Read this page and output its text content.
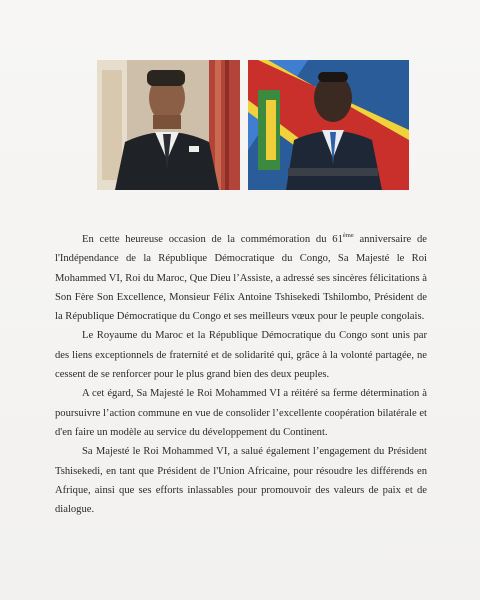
En cette heureuse occasion de la commémoration du 61ème anniversaire de l'Indépendance de la République Démocratique du Congo, Sa Majesté le Roi Mohammed VI, Roi du Maroc, Que Dieu l’Assiste, a adressé ses sincères félicitations à Son Fère Son Excellence, Monsieur Félix Antoine Tshisekedi Tshilombo, Président de la République Démocratique du Congo et ses meilleurs vœux pour le peuple congolais.

Le Royaume du Maroc et la République Démocratique du Congo sont unis par des liens exceptionnels de fraternité et de solidarité qui, grâce à la volonté partagée, ne cessent de se renforcer pour le plus grand bien des deux peuples.

A cet égard, Sa Majesté le Roi Mohammed VI a réitéré sa ferme détermination à poursuivre l’action commune en vue de consolider l’excellente coopération bilatérale et d'en faire un modèle au service du développement du Continent.

Sa Majesté le Roi Mohammed VI, a salué également l’engagement du Président Tshisekedi, en tant que Président de l'Union Africaine, pour résoudre les différends en Afrique, ainsi que ses efforts inlassables pour promouvoir des valeurs de paix et de dialogue.
